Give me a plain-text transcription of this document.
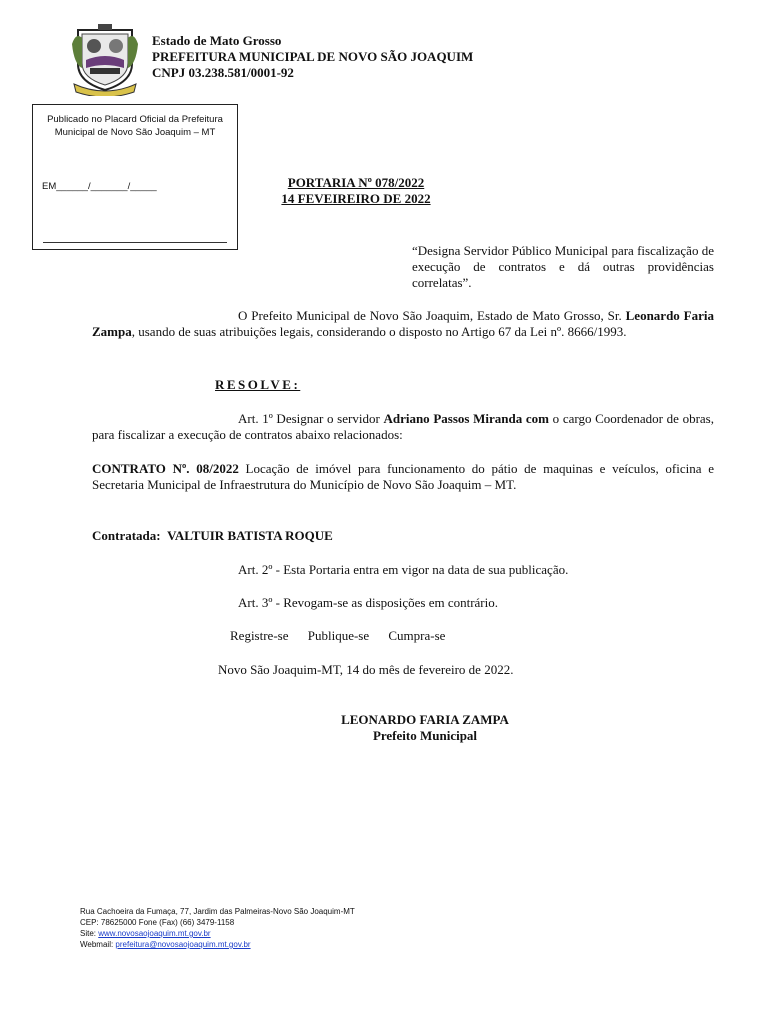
Estado de Mato Grosso
PREFEITURA MUNICIPAL DE NOVO SÃO JOAQUIM
CNPJ 03.238.581/0001-92
Publicado no Placard Oficial da Prefeitura Municipal de Novo São Joaquim – MT
EM______/_______/_____	PORTARIA Nº 078/2022
14 FEVEIREIRO DE 2022
“Designa Servidor Público Municipal para fiscalização de execução de contratos e dá outras providências correlatas”.
O Prefeito Municipal de Novo São Joaquim, Estado de Mato Grosso, Sr. Leonardo Faria Zampa, usando de suas atribuições legais, considerando o disposto no Artigo 67 da Lei nº. 8666/1993.
RESOLVE:
Art. 1º Designar o servidor Adriano Passos Miranda com o cargo Coordenador de obras, para fiscalizar a execução de contratos abaixo relacionados:
CONTRATO Nº. 08/2022 Locação de imóvel para funcionamento do pátio de maquinas e veículos, oficina e Secretaria Municipal de Infraestrutura do Município de Novo São Joaquim – MT.
Contratada: VALTUIR BATISTA ROQUE
Art. 2º - Esta Portaria entra em vigor na data de sua publicação.
Art. 3º - Revogam-se as disposições em contrário.
Registre-se Publique-se Cumpra-se
Novo São Joaquim-MT, 14 do mês de fevereiro de 2022.
LEONARDO FARIA ZAMPA
Prefeito Municipal
Rua Cachoeira da Fumaça, 77, Jardim das Palmeiras-Novo São Joaquim-MT
CEP: 78625000 Fone (Fax) (66) 3479-1158
Site: www.novosaojoaquim.mt.gov.br
Webmail: prefeitura@novosaojoaquim.mt.gov.br
